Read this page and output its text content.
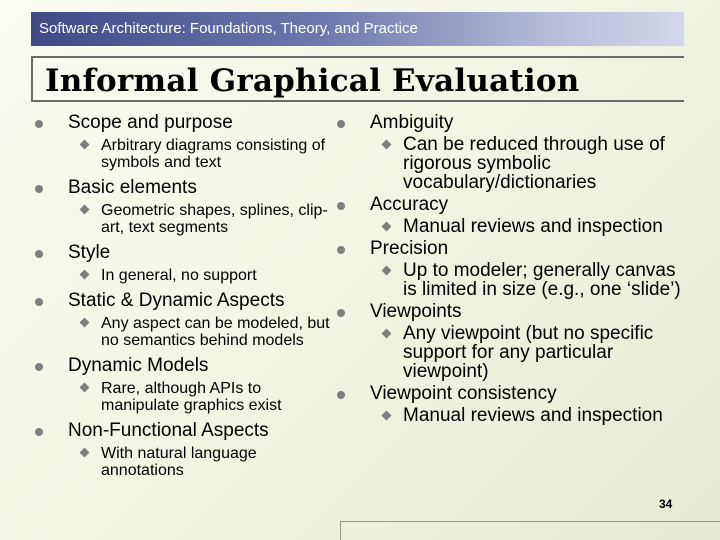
Software Architecture: Foundations, Theory, and Practice
Informal Graphical Evaluation
Scope and purpose
Arbitrary diagrams consisting of symbols and text
Basic elements
Geometric shapes, splines, clip-art, text segments
Style
In general, no support
Static & Dynamic Aspects
Any aspect can be modeled, but no semantics behind models
Dynamic Models
Rare, although APIs to manipulate graphics exist
Non-Functional Aspects
With natural language annotations
Ambiguity
Can be reduced through use of rigorous symbolic vocabulary/dictionaries
Accuracy
Manual reviews and inspection
Precision
Up to modeler; generally canvas is limited in size (e.g., one ‘slide’)
Viewpoints
Any viewpoint (but no specific support for any particular viewpoint)
Viewpoint consistency
Manual reviews and inspection
34
